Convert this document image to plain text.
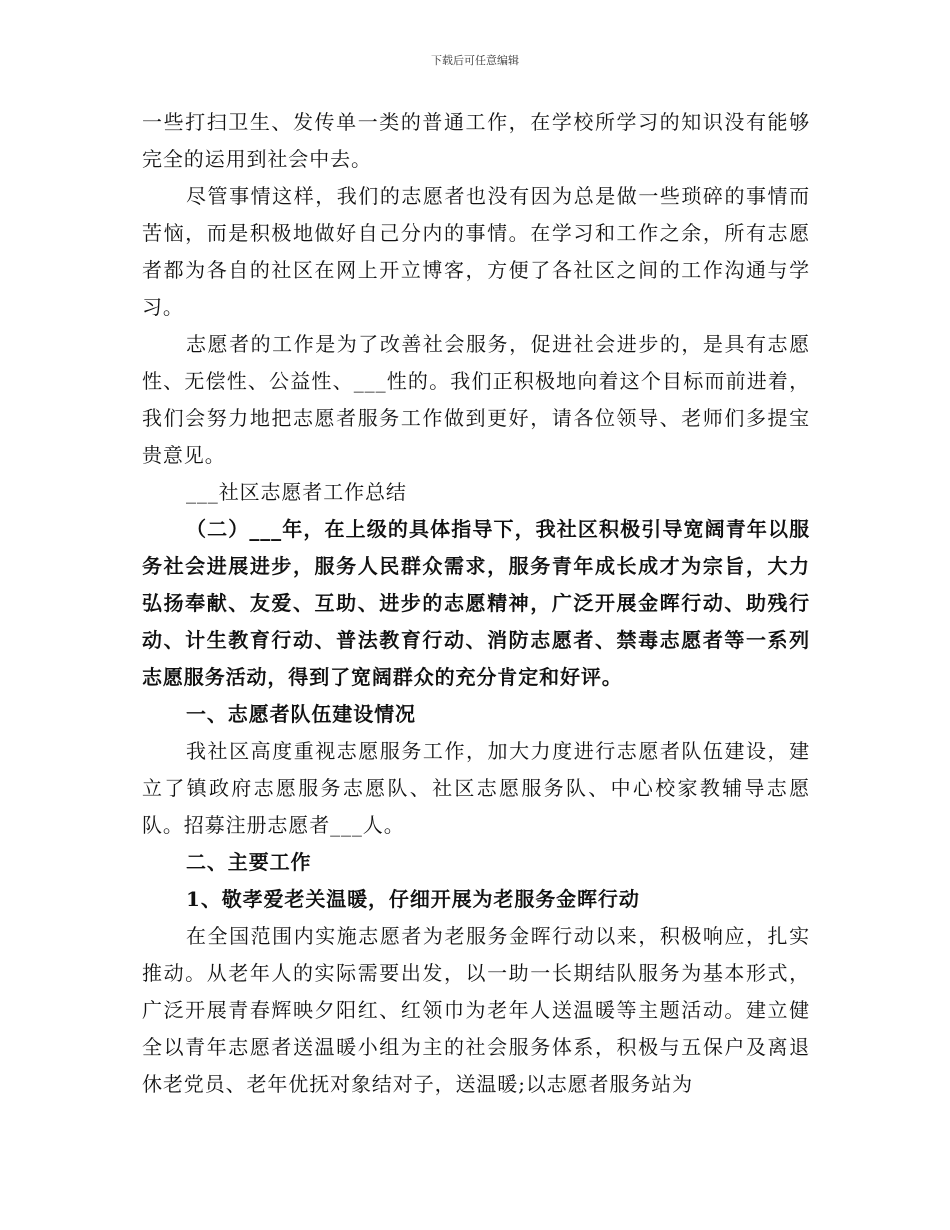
下载后可任意编辑

一些打扫卫生、发传单一类的普通工作，在学校所学习的知识没有能够完全的运用到社会中去。

尽管事情这样，我们的志愿者也没有因为总是做一些琐碎的事情而苦恼，而是积极地做好自己分内的事情。在学习和工作之余，所有志愿者都为各自的社区在网上开立博客，方便了各社区之间的工作沟通与学习。

志愿者的工作是为了改善社会服务，促进社会进步的，是具有志愿性、无偿性、公益性、___性的。我们正积极地向着这个目标而前进着，我们会努力地把志愿者服务工作做到更好，请各位领导、老师们多提宝贵意见。

___社区志愿者工作总结

（二）___年，在上级的具体指导下，我社区积极引导宽阔青年以服务社会进展进步，服务人民群众需求，服务青年成长成才为宗旨，大力弘扬奉献、友爱、互助、进步的志愿精神，广泛开展金晖行动、助残行动、计生教育行动、普法教育行动、消防志愿者、禁毒志愿者等一系列志愿服务活动，得到了宽阔群众的充分肯定和好评。

一、志愿者队伍建设情况

我社区高度重视志愿服务工作，加大力度进行志愿者队伍建设，建立了镇政府志愿服务志愿队、社区志愿服务队、中心校家教辅导志愿队。招募注册志愿者___人。

二、主要工作

1、敬孝爱老关温暖，仔细开展为老服务金晖行动

在全国范围内实施志愿者为老服务金晖行动以来，积极响应，扎实推动。从老年人的实际需要出发，以一助一长期结队服务为基本形式，广泛开展青春辉映夕阳红、红领巾为老年人送温暖等主题活动。建立健全以青年志愿者送温暖小组为主的社会服务体系，积极与五保户及离退休老党员、老年优抚对象结对子，送温暖;以志愿者服务站为
